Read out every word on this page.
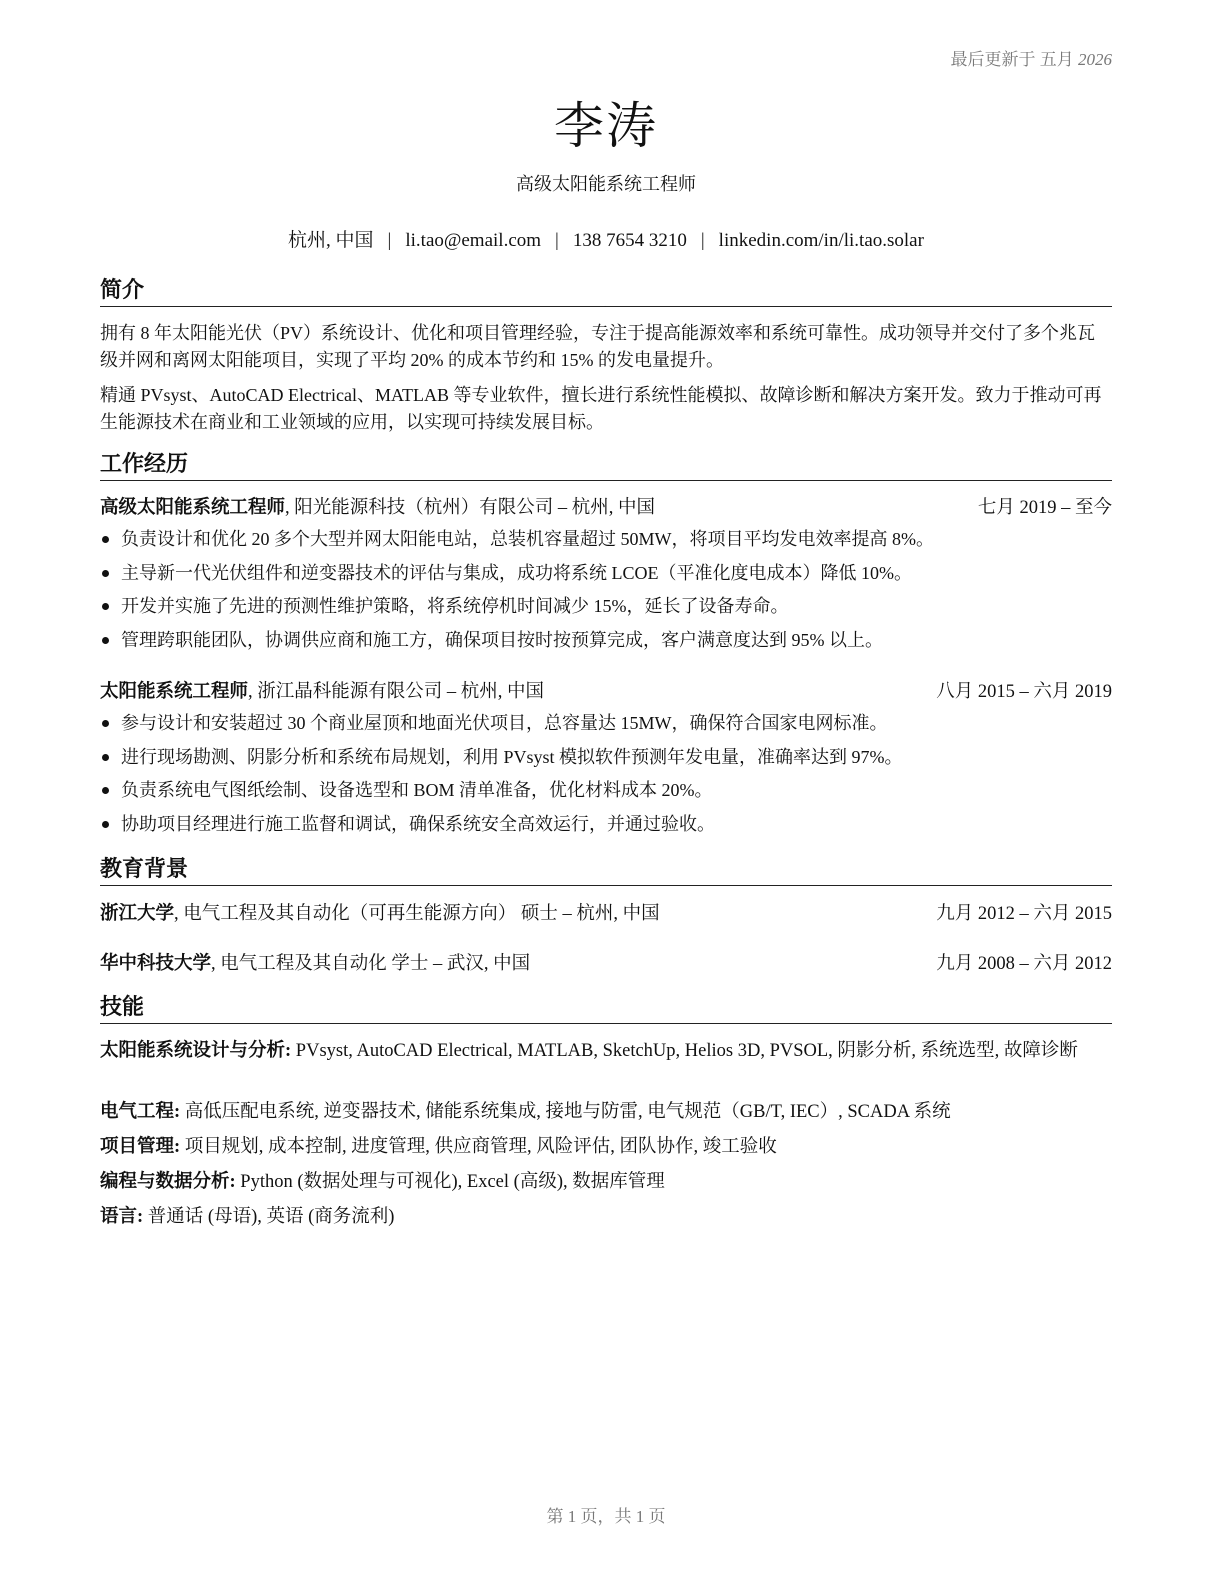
最后更新于 五月 2026
李涛
高级太阳能系统工程师
杭州, 中国 | li.tao@email.com | 138 7654 3210 | linkedin.com/in/li.tao.solar
简介
拥有 8 年太阳能光伏（PV）系统设计、优化和项目管理经验，专注于提高能源效率和系统可靠性。成功领导并交付了多个兆瓦级并网和离网太阳能项目，实现了平均 20% 的成本节约和 15% 的发电量提升。
精通 PVsyst、AutoCAD Electrical、MATLAB 等专业软件，擅长进行系统性能模拟、故障诊断和解决方案开发。致力于推动可再生能源技术在商业和工业领域的应用，以实现可持续发展目标。
工作经历
高级太阳能系统工程师, 阳光能源科技（杭州）有限公司 – 杭州, 中国	七月 2019 – 至今
负责设计和优化 20 多个大型并网太阳能电站，总装机容量超过 50MW，将项目平均发电效率提高 8%。
主导新一代光伏组件和逆变器技术的评估与集成，成功将系统 LCOE（平准化度电成本）降低 10%。
开发并实施了先进的预测性维护策略，将系统停机时间减少 15%，延长了设备寿命。
管理跨职能团队，协调供应商和施工方，确保项目按时按预算完成，客户满意度达到 95% 以上。
太阳能系统工程师, 浙江晶科能源有限公司 – 杭州, 中国	八月 2015 – 六月 2019
参与设计和安装超过 30 个商业屋顶和地面光伏项目，总容量达 15MW，确保符合国家电网标准。
进行现场勘测、阴影分析和系统布局规划，利用 PVsyst 模拟软件预测年发电量，准确率达到 97%。
负责系统电气图纸绘制、设备选型和 BOM 清单准备，优化材料成本 20%。
协助项目经理进行施工监督和调试，确保系统安全高效运行，并通过验收。
教育背景
浙江大学, 电气工程及其自动化（可再生能源方向） 硕士 – 杭州, 中国	九月 2012 – 六月 2015
华中科技大学, 电气工程及其自动化 学士 – 武汉, 中国	九月 2008 – 六月 2012
技能
太阳能系统设计与分析: PVsyst, AutoCAD Electrical, MATLAB, SketchUp, Helios 3D, PVSOL, 阴影分析, 系统选型, 故障诊断
电气工程: 高低压配电系统, 逆变器技术, 储能系统集成, 接地与防雷, 电气规范（GB/T, IEC）, SCADA 系统
项目管理: 项目规划, 成本控制, 进度管理, 供应商管理, 风险评估, 团队协作, 竣工验收
编程与数据分析: Python (数据处理与可视化), Excel (高级), 数据库管理
语言: 普通话 (母语), 英语 (商务流利)
第 1 页，共 1 页
